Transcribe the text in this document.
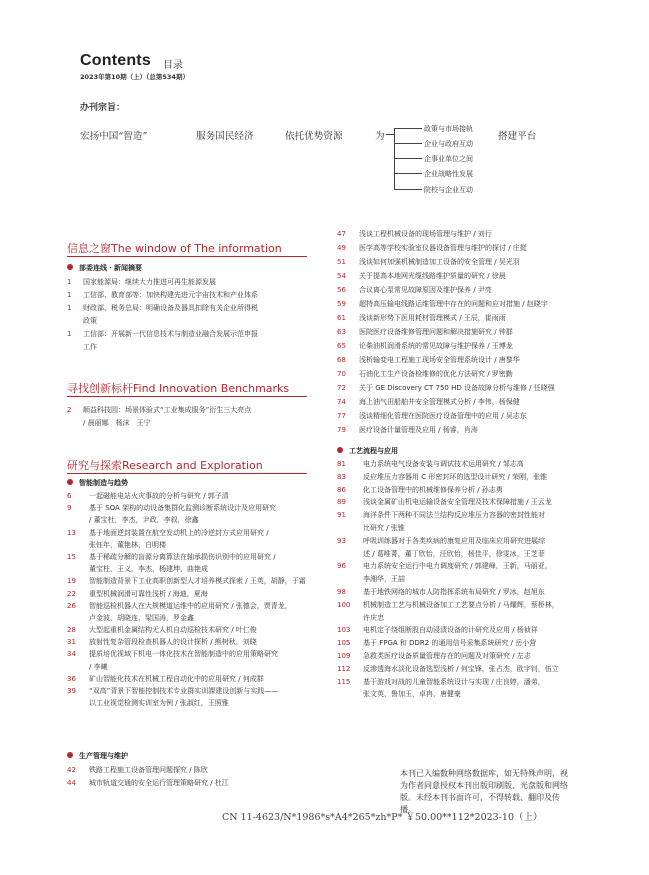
Contents 目录
2023年第10期（上）（总第534期）
办刊宗旨：
宏扬中国“智造”	服务国民经济	依托优势资源	为	搭建平台
政策与市场接轨
企业与政府互动
企事业单位之间
企业战略性发展
院校与企业互动
信息之窗The window of The information
部委连线・新闻摘要
1 国家能源局：继续大力推进可再生能源发展
1 工信部、教育部等：加快构建先进元宇宙技术和产业体系
1 财政部、税务总局：明确设备及器具扣除有关企业所得税
政策
1 工信部：开展新一代信息技术与制造业融合发展示范申报
工作
寻找创新标杆Find Innovation Benchmarks
2 顺益科技园：场景体验式“工业集成服务”衍生三大亮点
/ 晨丽娜　杨沫　王宁
研究与探索Research and Exploration
智能制造与趋势
6	一起磁能电站火灾事故的分析与研究 / 郭子清
9	基于 SOA 架构的动设备集群化监测诊断系统设计及应用研究
/ 董宝杜，李杰，尹政，李叙，徐鑫
13 基于地面逆封装置在航空发动机上的冷逆封方式应用研究 /
张钰年，董艳林，白明楼
15 基于稀疏分解的盲源分离算法在轴承损伤识别中的应用研究 /
董宝柱，王义，李杰，杨建坤，曲艳成
19 智能制造背景下工业高职创新型人才培养模式探索 / 王英，胡静，于霜
22 重型机械润滑可靠性浅析 / 海迪，夏海
26 智能巡检机器人在大规模道运维中的应用研究 / 张德会，贾青龙，
卢金波，胡晓连，梁国涛，罗金鑫
28 大型起重机金属结构无人机自动巡检技术研究 / 叶仁俊
31 放射性复杂管段检查机器人的设计探析 / 熊树秋，刘晓
34 提质培优视域下机电一体化技术在智能制造中的应用策略研究
/ 李曦
36 矿山智能化技术在机械工程自动化中的应用研究 / 何成群
39 “双高”背景下智能控制技术专业群实训課建设创新与实践——
以工业视觉检测实训室为例 / 张淑红，王照雅
生产管理与维护
42 铁路工程施工设备管理问题探究 / 陈欣
44 城市轨道交通的安全运行管理策略研究 / 杜江
47 浅谈工程机械设备的现场管理与维护 / 刘行
49 医学高等学校实验室仪器设备管理与维护的探讨 / 庄挺
51 浅谈如何加强机械制造加工设备的安全管理 / 吴光羽
54 关于提高本地网光缆线路维护质量的研究 / 徐晨
56 合议离心泵常见故障原因及维护保养 / 尹亮
59 超特高压输电线路运维管理中存在的问题和应对措施 / 赵晓宇
61 浅谈新形势下医用耗材管理模式 / 王辰，崔雨雨
63 医院医疗设备维修管理问题和解决措施研究 / 钟群
65 论柴油机润滑系统的常见故障与维护保养 / 王博龙
68 浅析输变电工程施工现场安全管理系统设计 / 唐黎华
70 石油化工生产设备检维修的优化方法研究 / 罗密勤
72 关于 GE Discovery CT 750 HD 设备故障分析与维修 / 任晓强
74 海上油气田船舶井安全管理模式分析 / 李伟，杨保健
77 浅谈精细化管理在医院医疗设备管理中的应用 / 吴志东
79 医疗设备计量管理及应用 / 杨睿，肖涛
工艺流程与应用
81 电力系统电气设备安装与调试技术运用研究 / 邹志高
83 反应堆压力容器用 C 形密封环的选型设计研究 / 荣刚，张锥
86 化工设备管理中的机械维修保养分析 / 孙志勇
89 浅谈金属矿山机电运输设备安全管理及技术保障措施 / 王云龙
91 海洋条件下两种不同法兰结构反应堆压力容器的密封性能对
比研究 / 张锥
93 呼吸训练器对于各类疾病的康复应用及临床应用研究进展综
述 / 葛唯菁，董丁欣怡，汪欣怡，杨佳平，徐雯冰，王芝菲
96 电力系统安全运行中电力调度研究 / 郭建峰，王新，马丽亚，
李湘华，王喆
98 基于地铁网络的城市人防指挥系统布局研究 / 罗冰，赵旭东
100 机械制造工艺与机械设备加工工艺要点分析 / 马耀辉，蔡桥林，
许庆忠
103 电机定子绕组断股自动浸渍设备的计研究及应用 / 杨祯祥
105 基于 FPGA 和 DDR2 的通用信号采集系统研究 / 岳小营
109 急救类医疗设备质量管理存在的问题及对策研究 / 左志
112 反渗透海水淡化设备选型浅析 / 何宝锋，张占杰，欧宇钊，伍立
115 基于游戏对战的儿童智能系统设计与实现 / 庄良婷，潘弟，
张文英，鲁加玉，卓冉，唐健豪
本刊已入编数种网络数据库，如无特殊声明，视为作者同意授权本刊出版印刷版、光盘版和网络版。未经本刊书面许可，不得转载、翻印及传播。
CN 11-4623/N*1986*s*A4*265*zh*P* ￥50.00**112*2023-10（上）
